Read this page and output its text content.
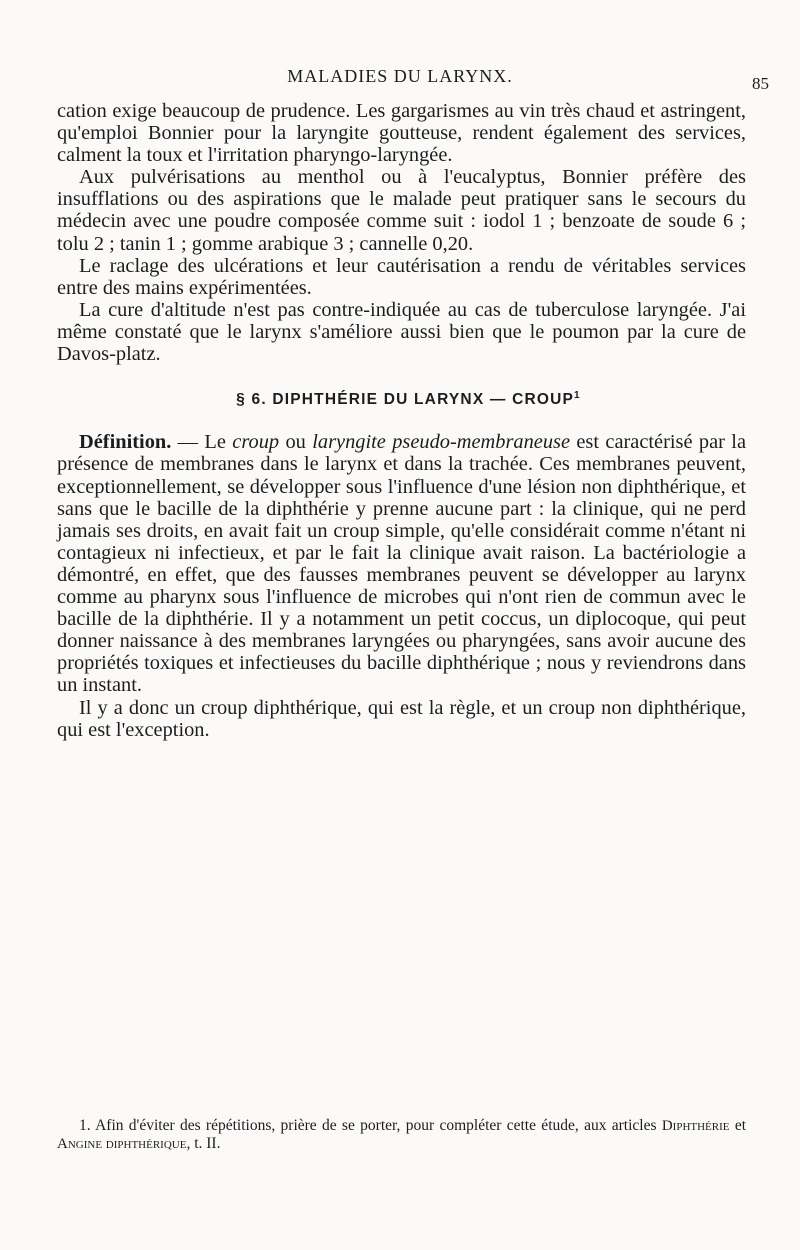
MALADIES DU LARYNX.	85

cation exige beaucoup de prudence. Les gargarismes au vin très chaud et astringent, qu'emploi Bonnier pour la laryngite goutteuse, rendent également des services, calment la toux et l'irritation pharyngo-laryngée.

Aux pulvérisations au menthol ou à l'eucalyptus, Bonnier préfère des insufflations ou des aspirations que le malade peut pratiquer sans le secours du médecin avec une poudre composée comme suit : iodol 1 ; benzoate de soude 6 ; tolu 2 ; tanin 1 ; gomme arabique 3 ; cannelle 0,20.

Le raclage des ulcérations et leur cautérisation a rendu de véritables services entre des mains expérimentées.

La cure d'altitude n'est pas contre-indiquée au cas de tuberculose laryngée. J'ai même constaté que le larynx s'améliore aussi bien que le poumon par la cure de Davos-platz.

§ 6. DIPHTHÉRIE DU LARYNX — CROUP$^1$

Définition. — Le croup ou laryngite pseudo-membraneuse est caractérisé par la présence de membranes dans le larynx et dans la trachée. Ces membranes peuvent, exceptionnellement, se développer sous l'influence d'une lésion non diphthérique, et sans que le bacille de la diphthérie y prenne aucune part : la clinique, qui ne perd jamais ses droits, en avait fait un croup simple, qu'elle considérait comme n'étant ni contagieux ni infectieux, et par le fait la clinique avait raison. La bactériologie a démontré, en effet, que des fausses membranes peuvent se développer au larynx comme au pharynx sous l'influence de microbes qui n'ont rien de commun avec le bacille de la diphthérie. Il y a notamment un petit coccus, un diplocoque, qui peut donner naissance à des membranes laryngées ou pharyngées, sans avoir aucune des propriétés toxiques et infectieuses du bacille diphthérique ; nous y reviendrons dans un instant.

Il y a donc un croup diphthérique, qui est la règle, et un croup non diphthérique, qui est l'exception.

1. Afin d'éviter des répétitions, prière de se porter, pour compléter cette étude, aux articles Diphthérie et Angine diphthérique, t. II.
